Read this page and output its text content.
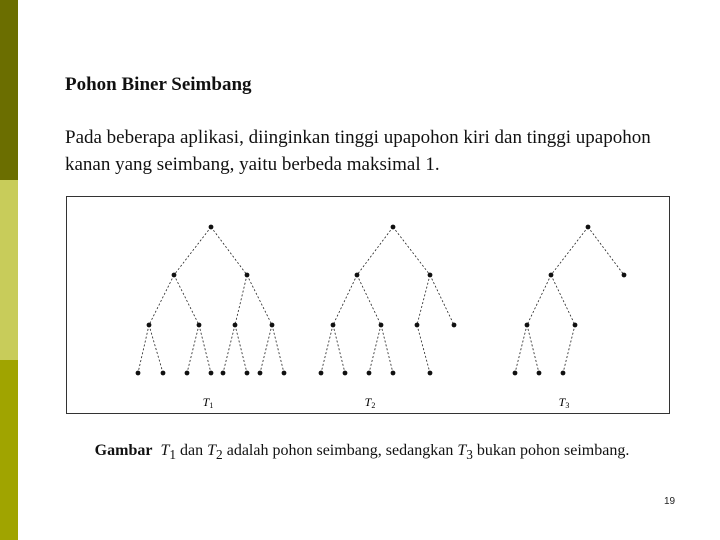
Pohon Biner Seimbang

Pada beberapa aplikasi, diinginkan tinggi upapohon kiri dan tinggi upapohon kanan yang seimbang, yaitu berbeda maksimal 1.

T1	T2	T3

Gambar $T_1$ dan $T_2$ adalah pohon seimbang, sedangkan $T_3$ bukan pohon seimbang.

19
